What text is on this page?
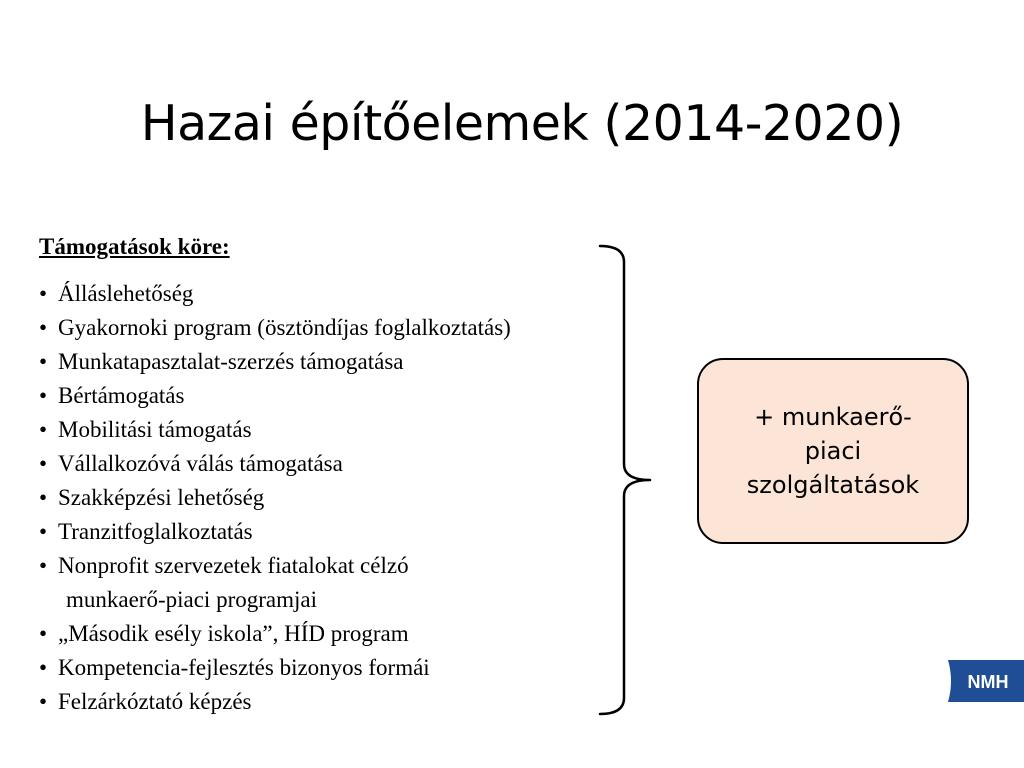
Hazai építőelemek (2014-2020)
Támogatások köre:
• Álláslehetőség
• Gyakornoki program (ösztöndíjas foglalkoztatás)
• Munkatapasztalat-szerzés támogatása
• Bértámogatás
• Mobilitási támogatás
• Vállalkozóvá válás támogatása
• Szakképzési lehetőség
• Tranzitfoglalkoztatás
• Nonprofit szervezetek fiatalokat célzó
munkaerő-piaci programjai
• „Második esély iskola”, HÍD program
• Kompetencia-fejlesztés bizonyos formái
• Felzárkóztató képzés
+ munkaerő-piaci szolgáltatások
NMH
